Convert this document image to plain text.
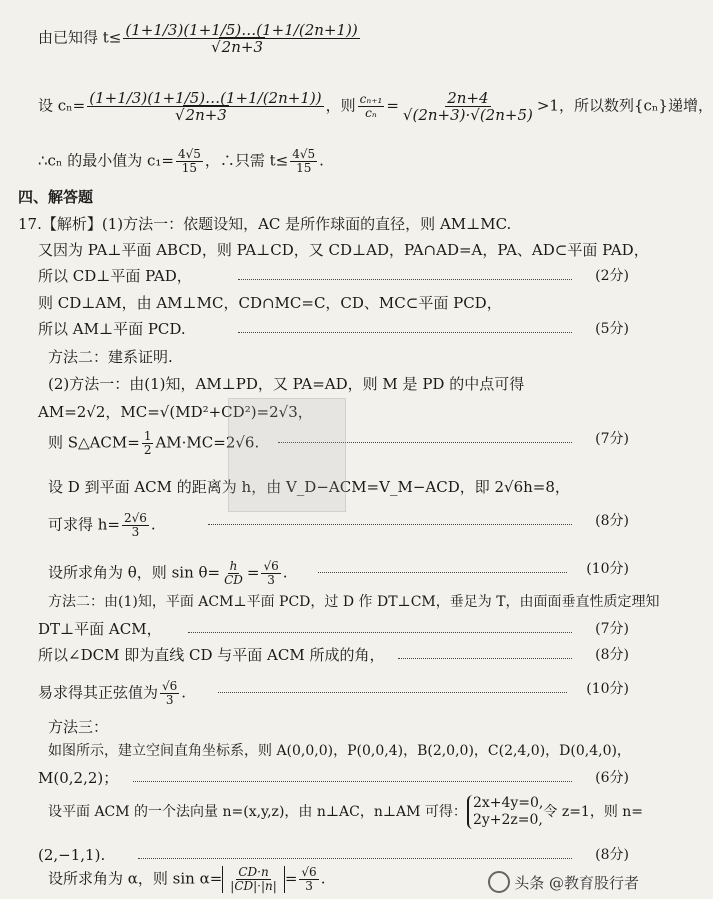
由已知得 t≤ (1+1/3)(1+1/5)…(1+1/(2n+1))
√ 2n+3
设 cₙ= (1+1/3)(1+1/5)…(1+1/(2n+1))
√ 2n+3 ，则 $\frac{\text{cₙ₊₁}}{\text{cₙ}} = \frac{2n+4}{√(2n+3)\cdot√(2n+5)} >1$，所以数列{cₙ}递增，
∴cₙ 的最小值为 $c_1= \frac{4√5}{15}$ ，∴只需 $t\le \frac{4√5}{15}$ .
四、解答题
17.【解析】(1)方法一：依题设知，AC 是所作球面的直径，则 AM⊥MC.
又因为 PA⊥平面 ABCD，则 PA⊥CD，又 CD⊥AD，PA∩AD=A，PA、AD⊂平面 PAD，
所以 CD⊥平面 PAD，	(2分)
则 CD⊥AM，由 AM⊥MC，CD∩MC=C，CD、MC⊂平面 PCD，
所以 AM⊥平面 PCD.	(5分)
方法二：建系证明.
(2)方法一：由(1)知，AM⊥PD，又 PA=AD，则 M 是 PD 的中点可得
AM=2√2，MC=√(MD²+CD²)=2√3，
则 S△ACM= $\frac{1}{2} AM\cdot MC=2√6$.	(7分)
设 D 到平面 ACM 的距离为 h，由 V_D−ACM=V_M−ACD，即 2√6h=8，
可求得 $h= \frac{2√6}{3}$ .	(8分)
设所求角为 θ，则 $\sin \theta= \frac{h}{CD} = \frac{√6}{3}$ .	(10分)
方法二：由(1)知，平面 ACM⊥平面 PCD，过 D 作 DT⊥CM，垂足为 T，由面面垂直性质定理知
DT⊥平面 ACM，	(7分)
所以∠DCM 即为直线 CD 与平面 ACM 所成的角，	(8分)
易求得其正弦值为 $\frac{√6}{3}$ .	(10分)
方法三：
如图所示，建立空间直角坐标系，则 A(0,0,0)，P(0,0,4)，B(2,0,0)，C(2,4,0)，D(0,4,0)，
M(0,2,2)；	(6分)
设平面 ACM 的一个法向量 n=(x,y,z)，由 n⊥AC，n⊥AM 可得：
2x+4y=0,
2y+2z=0, 令 z=1，则 n=
(2,−1,1).	(8分)
设所求角为 α，则 $\sin \alpha= \frac{CD\cdot n}{|CD|\cdot|n|} = \frac{√6}{3}$ .	头条 @教育股行者
